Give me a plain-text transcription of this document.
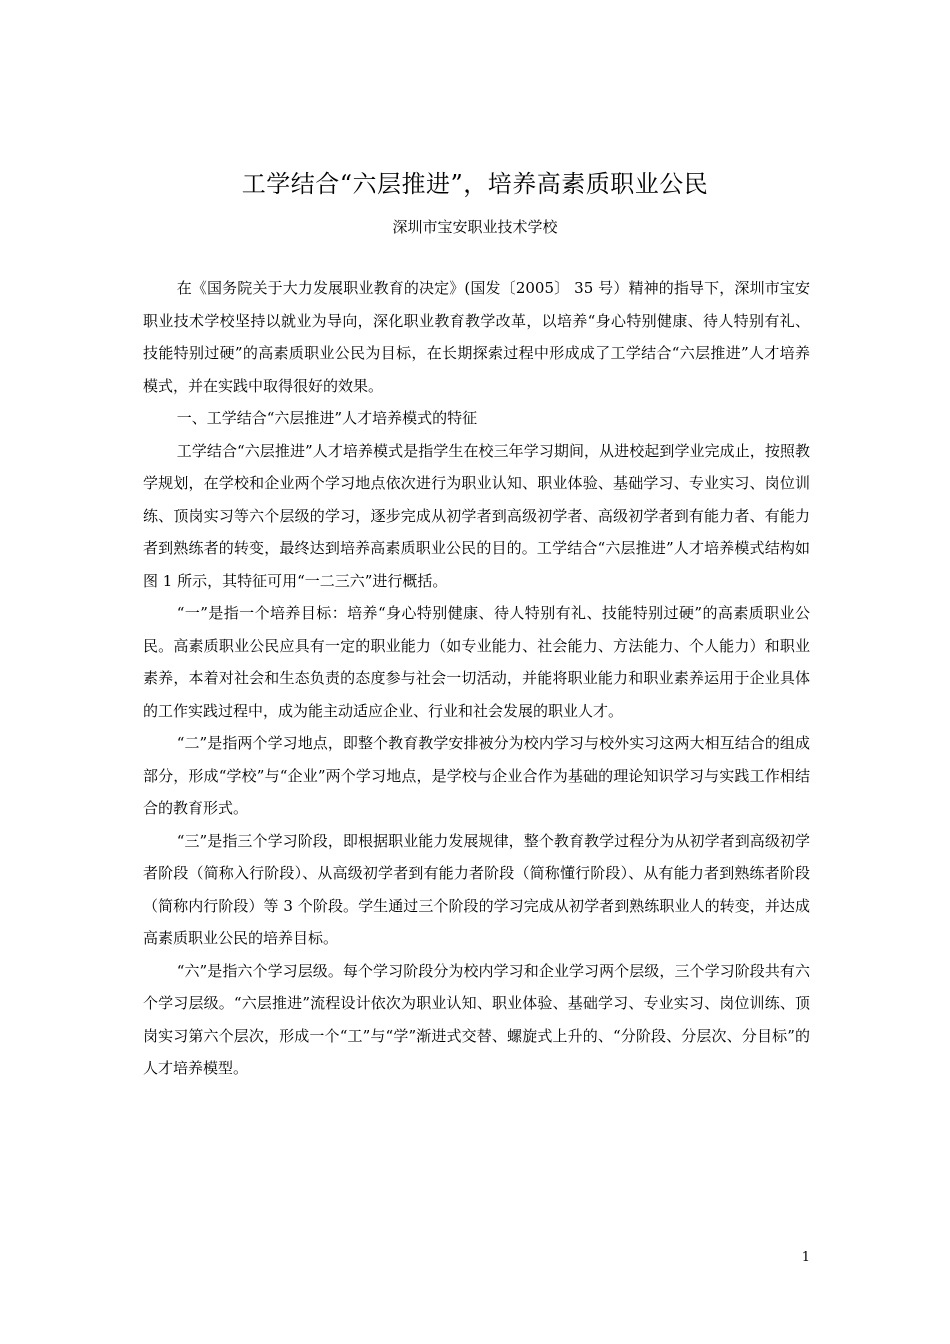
工学结合“六层推进”，培养高素质职业公民
深圳市宝安职业技术学校

在《国务院关于大力发展职业教育的决定》(国发〔2005〕 35 号）精神的指导下，深圳市宝安职业技术学校坚持以就业为导向，深化职业教育教学改革，以培养“身心特别健康、待人特别有礼、技能特别过硬”的高素质职业公民为目标，在长期探索过程中形成成了工学结合“六层推进”人才培养模式，并在实践中取得很好的效果。

一、工学结合“六层推进”人才培养模式的特征

工学结合“六层推进”人才培养模式是指学生在校三年学习期间，从进校起到学业完成止，按照教学规划，在学校和企业两个学习地点依次进行为职业认知、职业体验、基础学习、专业实习、岗位训练、顶岗实习等六个层级的学习，逐步完成从初学者到高级初学者、高级初学者到有能力者、有能力者到熟练者的转变，最终达到培养高素质职业公民的目的。工学结合“六层推进”人才培养模式结构如图 1 所示，其特征可用“一二三六”进行概括。

“一”是指一个培养目标：培养“身心特别健康、待人特别有礼、技能特别过硬”的高素质职业公民。高素质职业公民应具有一定的职业能力（如专业能力、社会能力、方法能力、个人能力）和职业素养，本着对社会和生态负责的态度参与社会一切活动，并能将职业能力和职业素养运用于企业具体的工作实践过程中，成为能主动适应企业、行业和社会发展的职业人才。

“二”是指两个学习地点，即整个教育教学安排被分为校内学习与校外实习这两大相互结合的组成部分，形成“学校”与“企业”两个学习地点，是学校与企业合作为基础的理论知识学习与实践工作相结合的教育形式。

“三”是指三个学习阶段，即根据职业能力发展规律，整个教育教学过程分为从初学者到高级初学者阶段（简称入行阶段）、从高级初学者到有能力者阶段（简称懂行阶段）、从有能力者到熟练者阶段（简称内行阶段）等 3 个阶段。学生通过三个阶段的学习完成从初学者到熟练职业人的转变，并达成高素质职业公民的培养目标。

“六”是指六个学习层级。每个学习阶段分为校内学习和企业学习两个层级，三个学习阶段共有六个学习层级。“六层推进”流程设计依次为职业认知、职业体验、基础学习、专业实习、岗位训练、顶岗实习第六个层次，形成一个“工”与“学”渐进式交替、螺旋式上升的、“分阶段、分层次、分目标”的人才培养模型。

1
